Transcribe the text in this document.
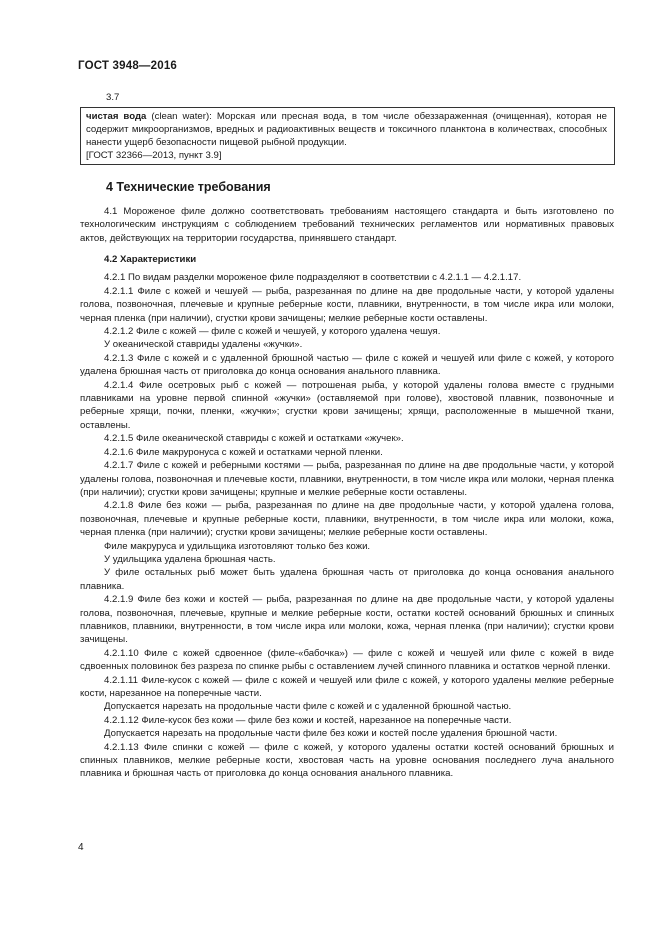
ГОСТ 3948—2016
3.7
чистая вода (clean water): Морская или пресная вода, в том числе обеззараженная (очищенная), которая не содержит микроорганизмов, вредных и радиоактивных веществ и токсичного планктона в количествах, способных нанести ущерб безопасности пищевой рыбной продукции.
[ГОСТ 32366—2013, пункт 3.9]
4 Технические требования

4.1 Мороженое филе должно соответствовать требованиям настоящего стандарта и быть изготовлено по технологическим инструкциям с соблюдением требований технических регламентов или нормативных правовых актов, действующих на территории государства, принявшего стандарт.

4.2 Характеристики

4.2.1 По видам разделки мороженое филе подразделяют в соответствии с 4.2.1.1 — 4.2.1.17.

4.2.1.1 Филе с кожей и чешуей — рыба, разрезанная по длине на две продольные части, у которой удалены голова, позвоночная, плечевые и крупные реберные кости, плавники, внутренности, в том числе икра или молоки, черная пленка (при наличии), сгустки крови зачищены; мелкие реберные кости оставлены.

4.2.1.2 Филе с кожей — филе с кожей и чешуей, у которого удалена чешуя.

У океанической ставриды удалены «жучки».

4.2.1.3 Филе с кожей и с удаленной брюшной частью — филе с кожей и чешуей или филе с кожей, у которого удалена брюшная часть от приголовка до конца основания анального плавника.

4.2.1.4 Филе осетровых рыб с кожей — потрошеная рыба, у которой удалены голова вместе с грудными плавниками на уровне первой спинной «жучки» (оставляемой при голове), хвостовой плавник, позвоночные и реберные хрящи, почки, пленки, «жучки»; сгустки крови зачищены; хрящи, расположенные в мышечной ткани, оставлены.

4.2.1.5 Филе океанической ставриды с кожей и остатками «жучек».

4.2.1.6 Филе макруронуса с кожей и остатками черной пленки.

4.2.1.7 Филе с кожей и реберными костями — рыба, разрезанная по длине на две продольные части, у которой удалены голова, позвоночная и плечевые кости, плавники, внутренности, в том числе икра или молоки, черная пленка (при наличии); сгустки крови зачищены; крупные и мелкие реберные кости оставлены.

4.2.1.8 Филе без кожи — рыба, разрезанная по длине на две продольные части, у которой удалена голова, позвоночная, плечевые и крупные реберные кости, плавники, внутренности, в том числе икра или молоки, кожа, черная пленка (при наличии); сгустки крови зачищены; мелкие реберные кости оставлены.

Филе макруруса и удильщика изготовляют только без кожи.

У удильщика удалена брюшная часть.

У филе остальных рыб может быть удалена брюшная часть от приголовка до конца основания анального плавника.

4.2.1.9 Филе без кожи и костей — рыба, разрезанная по длине на две продольные части, у которой удалены голова, позвоночная, плечевые, крупные и мелкие реберные кости, остатки костей оснований брюшных и спинных плавников, плавники, внутренности, в том числе икра или молоки, кожа, черная пленка (при наличии); сгустки крови зачищены.

4.2.1.10 Филе с кожей сдвоенное (филе-«бабочка») — филе с кожей и чешуей или филе с кожей в виде сдвоенных половинок без разреза по спинке рыбы с оставлением лучей спинного плавника и остатков черной пленки.

4.2.1.11 Филе-кусок с кожей — филе с кожей и чешуей или филе с кожей, у которого удалены мелкие реберные кости, нарезанное на поперечные части.

Допускается нарезать на продольные части филе с кожей и с удаленной брюшной частью.

4.2.1.12 Филе-кусок без кожи — филе без кожи и костей, нарезанное на поперечные части.

Допускается нарезать на продольные части филе без кожи и костей после удаления брюшной части.

4.2.1.13 Филе спинки с кожей — филе с кожей, у которого удалены остатки костей оснований брюшных и спинных плавников, мелкие реберные кости, хвостовая часть на уровне основания последнего луча анального плавника и брюшная часть от приголовка до конца основания анального плавника.

4
